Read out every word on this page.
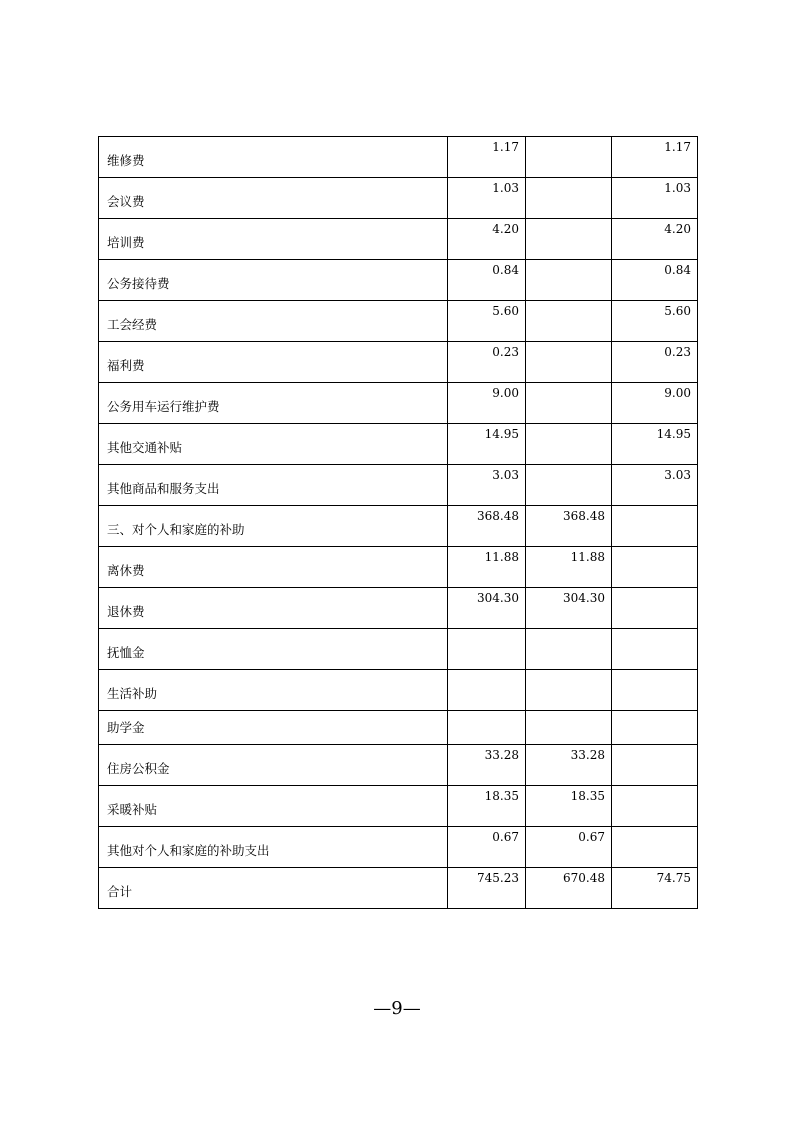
维修费	1.17		1.17
会议费	1.03		1.03
培训费	4.20		4.20
公务接待费	0.84		0.84
工会经费	5.60		5.60
福利费	0.23		0.23
公务用车运行维护费	9.00		9.00
其他交通补贴	14.95		14.95
其他商品和服务支出	3.03		3.03
三、对个人和家庭的补助	368.48	368.48	
离休费	11.88	11.88	
退休费	304.30	304.30	
抚恤金			
生活补助			
助学金			
住房公积金	33.28	33.28	
采暖补贴	18.35	18.35	
其他对个人和家庭的补助支出	0.67	0.67	
合计	745.23	670.48	74.75
—9—
